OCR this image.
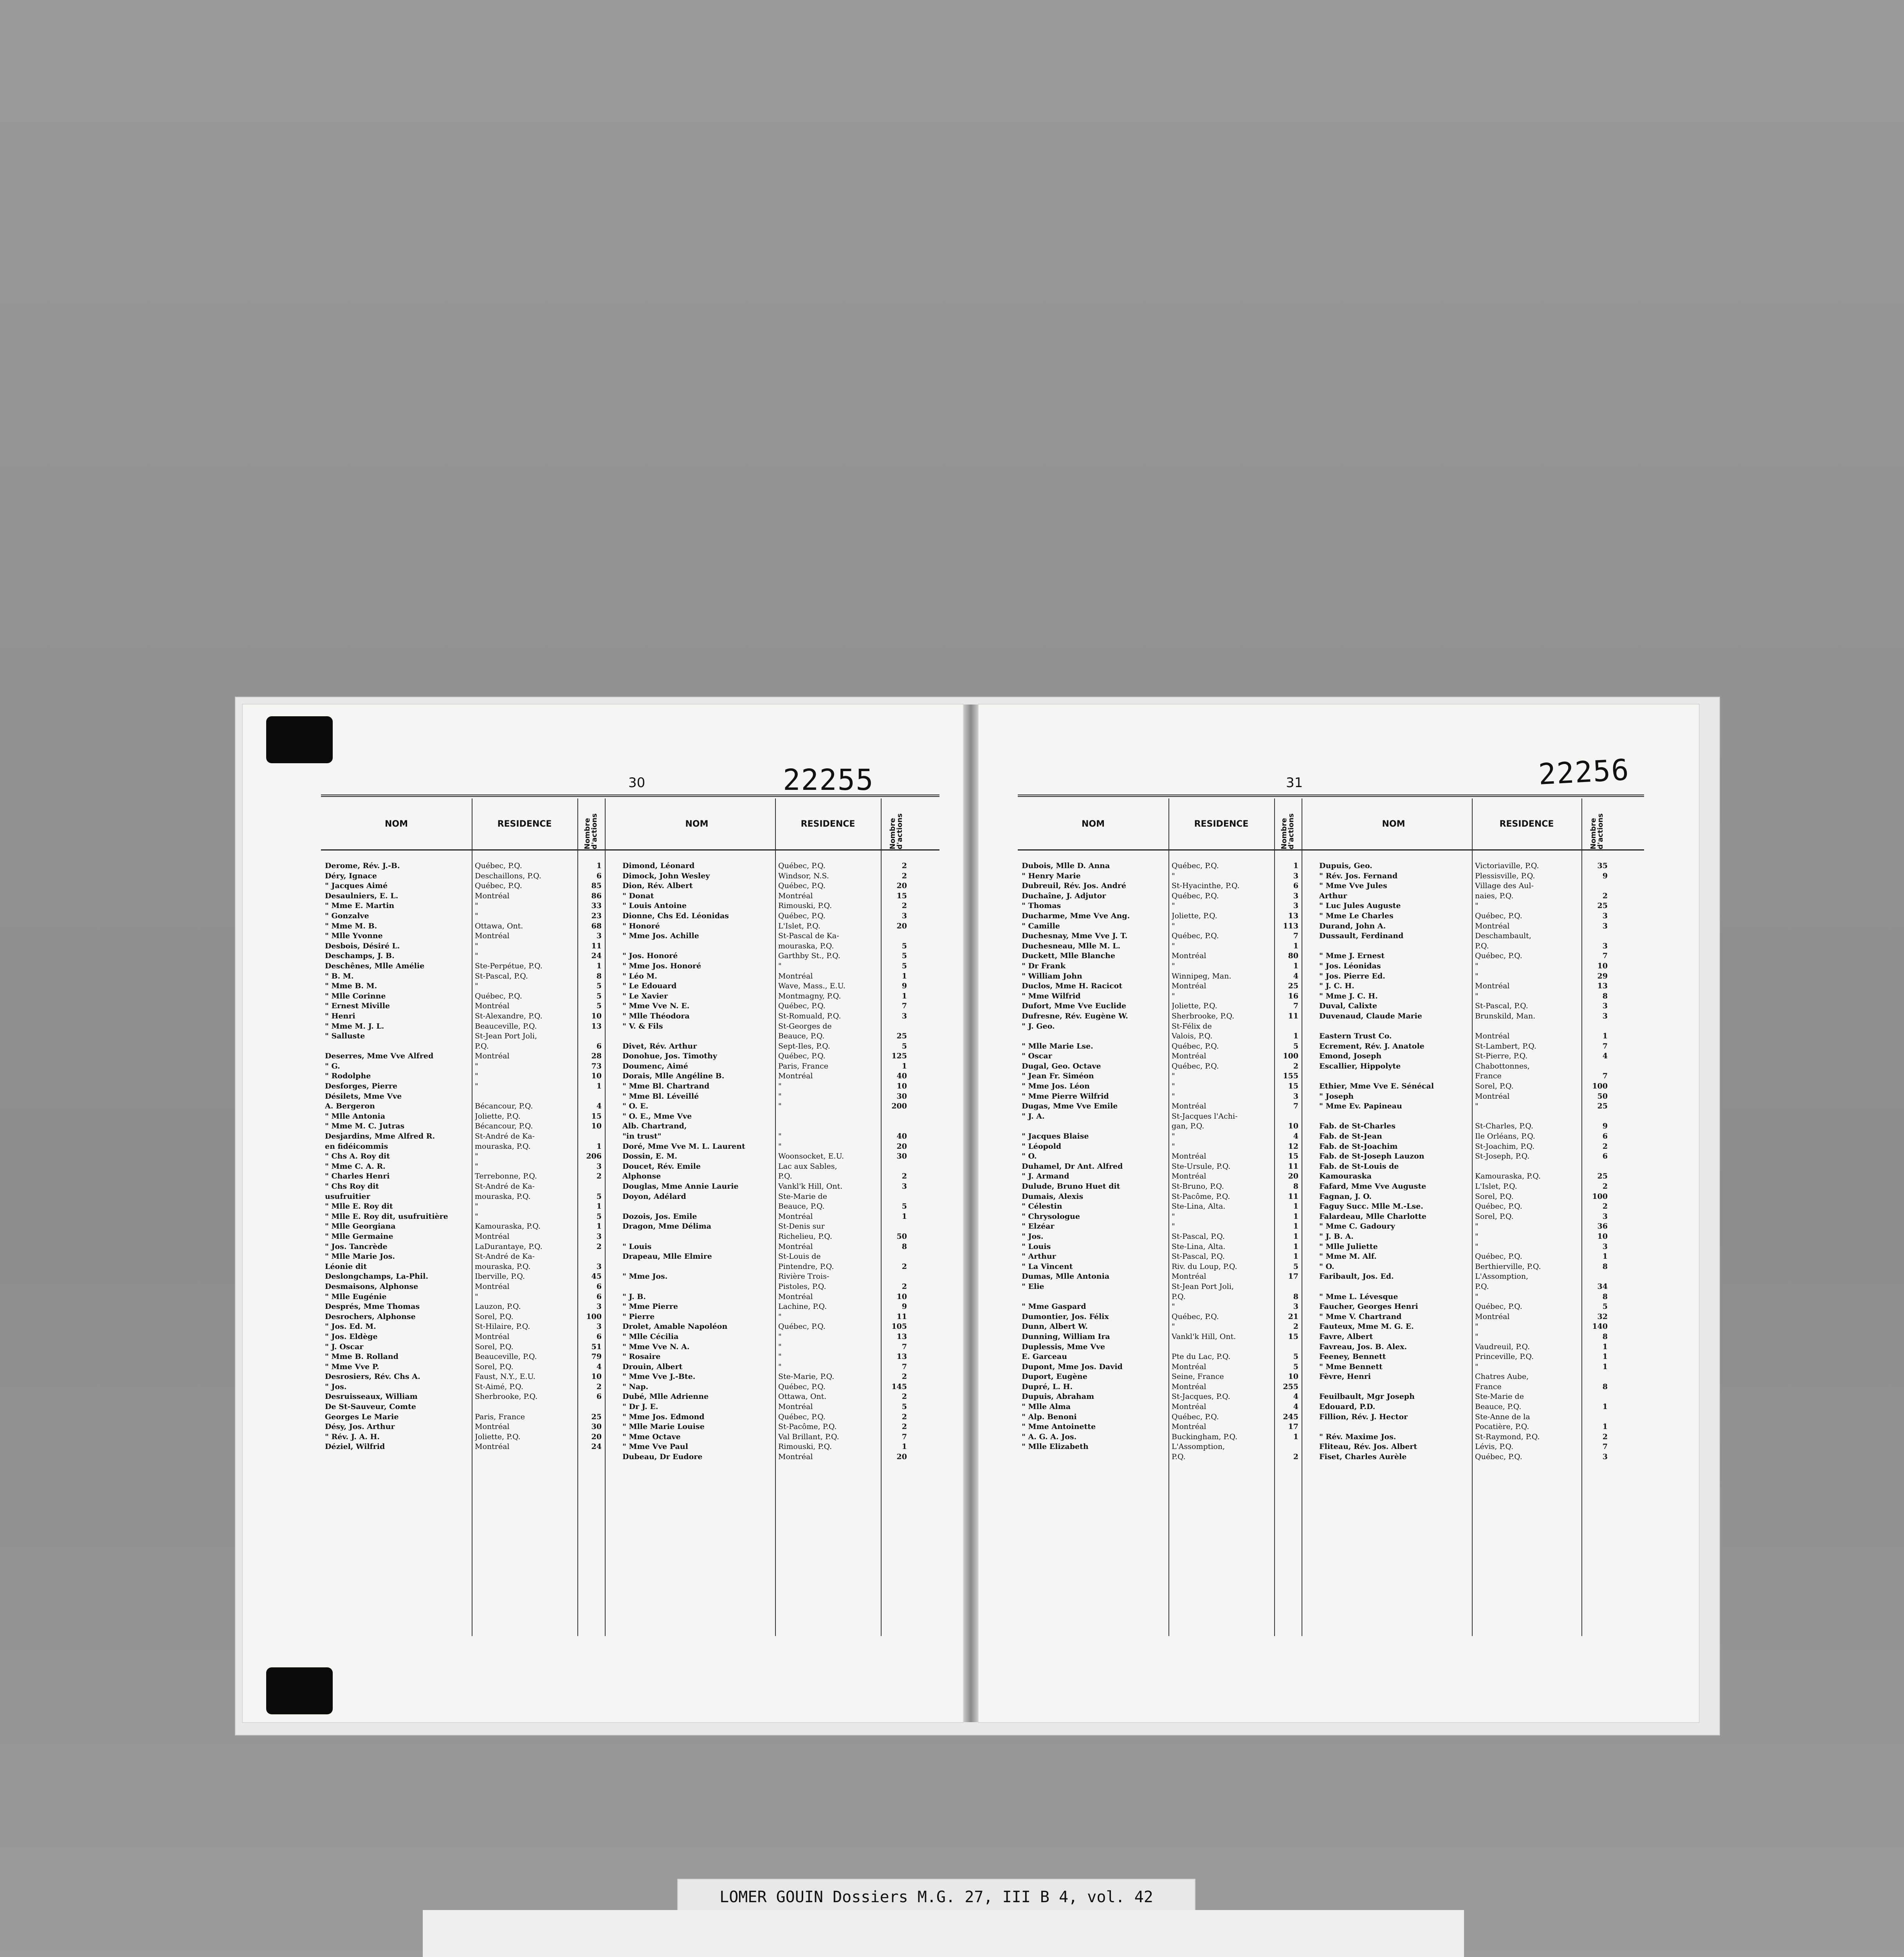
30	22255
NOM	RESIDENCE	Nombre d'actions
Derome, Rév. J.-B.	Québec, P.Q.	1
Déry, Ignace	Deschaillons, P.Q.	6
" Jacques Aimé	Québec, P.Q.	85
Desaulniers, E. L.	Montréal	86
" Mme E. Martin	"	33
" Gonzalve	"	23
" Mme M. B.	Ottawa, Ont.	68
" Mlle Yvonne	Montréal	3
Desbois, Désiré L.	"	11
Deschamps, J. B.	"	24
Deschênes, Mlle Amélie	Ste-Perpétue, P.Q.	1
" B. M.	St-Pascal, P.Q.	8
" Mme B. M.	"	5
" Mlle Corinne	Québec, P.Q.	5
" Ernest Miville	Montréal	5
" Henri	St-Alexandre, P.Q.	10
" Mme M. J. L.	Beauceville, P.Q.	13
" Salluste	St-Jean Port Joli,
P.Q.	6
Deserres, Mme Vve Alfred	Montréal	28
" G.	"	73
" Rodolphe	"	10
Desforges, Pierre	"	1
Désilets, Mme Vve
A. Bergeron	Bécancour, P.Q.	4
" Mlle Antonia	Joliette, P.Q.	15
" Mme M. C. Jutras	Bécancour, P.Q.	10
Desjardins, Mme Alfred R.	St-André de Ka-
en fidéicommis	mouraska, P.Q.	1
" Chs A. Roy dit	"	206
" Mme C. A. R.	"	3
" Charles Henri	Terrebonne, P.Q.	2
" Chs Roy dit	St-André de Ka-
usufruitier	mouraska, P.Q.	5
" Mlle E. Roy dit	"	1
" Mlle E. Roy dit, usufruitière	"	5
" Mlle Georgiana	Kamouraska, P.Q.	1
" Mlle Germaine	Montréal	3
" Jos. Tancrède	LaDurantaye, P.Q.	2
" Mlle Marie Jos.	St-André de Ka-
Léonie dit	mouraska, P.Q.	3
Deslongchamps, La-Phil.	Iberville, P.Q.	45
Desmaisons, Alphonse	Montréal	6
" Mlle Eugénie	"	6
Després, Mme Thomas	Lauzon, P.Q.	3
Desrochers, Alphonse	Sorel, P.Q.	100
" Jos. Ed. M.	St-Hilaire, P.Q.	3
" Jos. Eldège	Montréal	6
" J. Oscar	Sorel, P.Q.	51
" Mme B. Rolland	Beauceville, P.Q.	79
" Mme Vve P.	Sorel, P.Q.	4
Desrosiers, Rév. Chs A.	Faust, N.Y., E.U.	10
" Jos.	St-Aimé, P.Q.	2
Desruisseaux, William	Sherbrooke, P.Q.	6
De St-Sauveur, Comte
Georges Le Marie	Paris, France	25
Désy, Jos. Arthur	Montréal	30
" Rév. J. A. H.	Joliette, P.Q.	20
Déziel, Wilfrid	Montréal	24
NOM	RESIDENCE	Nombre d'actions
Dimond, Léonard	Québec, P.Q.	2
Dimock, John Wesley	Windsor, N.S.	2
Dion, Rév. Albert	Québec, P.Q.	20
" Donat	Montréal	15
" Louis Antoine	Rimouski, P.Q.	2
Dionne, Chs Ed. Léonidas	Québec, P.Q.	3
" Honoré	L'Islet, P.Q.	20
" Mme Jos. Achille	St-Pascal de Ka-
mouraska, P.Q.	5
" Jos. Honoré	Garthby St., P.Q.	5
" Mme Jos. Honoré	"	5
" Léo M.	Montréal	1
" Le Edouard	Wave, Mass., E.U.	9
" Le Xavier	Montmagny, P.Q.	1
" Mme Vve N. E.	Québec, P.Q.	7
" Mlle Théodora	St-Romuald, P.Q.	3
" V. & Fils	St-Georges de
Beauce, P.Q.	25
Divet, Rév. Arthur	Sept-Iles, P.Q.	5
Donohue, Jos. Timothy	Québec, P.Q.	125
Doumenc, Aimé	Paris, France	1
Dorais, Mlle Angéline B.	Montréal	40
" Mme Bl. Chartrand	"	10
" Mme Bl. Léveillé	"	30
" O. E.	"	200
" O. E., Mme Vve
Alb. Chartrand,
"in trust"	"	40
Doré, Mme Vve M. L. Laurent	"	20
Dossin, E. M.	Woonsocket, E.U.	30
Doucet, Rév. Emile	Lac aux Sables,
Alphonse	P.Q.	2
Douglas, Mme Annie Laurie	Vankl'k Hill, Ont.	3
Doyon, Adélard	Ste-Marie de
Beauce, P.Q.	5
Dozois, Jos. Emile	Montréal	1
Dragon, Mme Délima	St-Denis sur
Richelieu, P.Q.	50
" Louis	Montréal	8
Drapeau, Mlle Elmire	St-Louis de
Pintendre, P.Q.	2
" Mme Jos.	Rivière Trois-
Pistoles, P.Q.	2
" J. B.	Montréal	10
" Mme Pierre	Lachine, P.Q.	9
" Pierre	"	11
Drolet, Amable Napoléon	Québec, P.Q.	105
" Mlle Cécilia	"	13
" Mme Vve N. A.	"	7
" Rosaire	"	13
Drouin, Albert	"	7
" Mme Vve J.-Bte.	Ste-Marie, P.Q.	2
" Nap.	Québec, P.Q.	145
Dubé, Mlle Adrienne	Ottawa, Ont.	2
" Dr J. E.	Montréal	5
" Mme Jos. Edmond	Québec, P.Q.	2
" Mlle Marie Louise	St-Pacôme, P.Q.	2
" Mme Octave	Val Brillant, P.Q.	7
" Mme Vve Paul	Rimouski, P.Q.	1
Dubeau, Dr Eudore	Montréal	20
31	22256
NOM	RESIDENCE	Nombre d'actions
Dubois, Mlle D. Anna	Québec, P.Q.	1
" Henry Marie	"	3
Dubreuil, Rév. Jos. André	St-Hyacinthe, P.Q.	6
Duchaîne, J. Adjutor	Québec, P.Q.	3
" Thomas	"	3
Ducharme, Mme Vve Ang.	Joliette, P.Q.	13
" Camille	"	113
Duchesnay, Mme Vve J. T.	Québec, P.Q.	7
Duchesneau, Mlle M. L.	"	1
Duckett, Mlle Blanche	Montréal	80
" Dr Frank	"	1
" William John	Winnipeg, Man.	4
Duclos, Mme H. Racicot	Montréal	25
" Mme Wilfrid	"	16
Dufort, Mme Vve Euclide	Joliette, P.Q.	7
Dufresne, Rév. Eugène W.	Sherbrooke, P.Q.	11
" J. Geo.	St-Félix de
Valois, P.Q.	1
" Mlle Marie Lse.	Québec, P.Q.	5
" Oscar	Montréal	100
Dugal, Geo. Octave	Québec, P.Q.	2
" Jean Fr. Siméon	"	155
" Mme Jos. Léon	"	15
" Mme Pierre Wilfrid	"	3
Dugas, Mme Vve Emile	Montréal	7
" J. A.	St-Jacques l'Achi-
gan, P.Q.	10
" Jacques Blaise	"	4
" Léopold	"	12
" O.	Montréal	15
Duhamel, Dr Ant. Alfred	Ste-Ursule, P.Q.	11
" J. Armand	Montréal	20
Dulude, Bruno Huet dit	St-Bruno, P.Q.	8
Dumais, Alexis	St-Pacôme, P.Q.	11
" Célestin	Ste-Lina, Alta.	1
" Chrysologue	"	1
" Elzéar	"	1
" Jos.	St-Pascal, P.Q.	1
" Louis	Ste-Lina, Alta.	1
" Arthur	St-Pascal, P.Q.	1
" La Vincent	Riv. du Loup, P.Q.	5
Dumas, Mlle Antonia	Montréal	17
" Elie	St-Jean Port Joli,
P.Q.	8
" Mme Gaspard	"	3
Dumontier, Jos. Félix	Québec, P.Q.	21
Dunn, Albert W.	"	2
Dunning, William Ira	Vankl'k Hill, Ont.	15
Duplessis, Mme Vve
E. Garceau	Pte du Lac, P.Q.	5
Dupont, Mme Jos. David	Montréal	5
Duport, Eugène	Seine, France	10
Dupré, L. H.	Montréal	255
Dupuis, Abraham	St-Jacques, P.Q.	4
" Mlle Alma	Montréal	4
" Alp. Benoni	Québec, P.Q.	245
" Mme Antoinette	Montréal	17
" A. G. A. Jos.	Buckingham, P.Q.	1
" Mlle Elizabeth	L'Assomption,
P.Q.	2
NOM	RESIDENCE	Nombre d'actions
Dupuis, Geo.	Victoriaville, P.Q.	35
" Rév. Jos. Fernand	Plessisville, P.Q.	9
" Mme Vve Jules	Village des Aul-
Arthur	naies, P.Q.	2
" Luc Jules Auguste	"	25
" Mme Le Charles	Québec, P.Q.	3
Durand, John A.	Montréal	3
Dussault, Ferdinand	Deschambault,
P.Q.	3
" Mme J. Ernest	Québec, P.Q.	7
" Jos. Léonidas	"	10
" Jos. Pierre Ed.	"	29
" J. C. H.	Montréal	13
" Mme J. C. H.	"	8
Duval, Calixte	St-Pascal, P.Q.	3
Duvenaud, Claude Marie	Brunskild, Man.	3
Eastern Trust Co.	Montréal	1
Ecrement, Rév. J. Anatole	St-Lambert, P.Q.	7
Emond, Joseph	St-Pierre, P.Q.	4
Escallier, Hippolyte	Chabottonnes,
France	7
Ethier, Mme Vve E. Sénécal	Sorel, P.Q.	100
" Joseph	Montréal	50
" Mme Ev. Papineau	"	25
Fab. de St-Charles	St-Charles, P.Q.	9
Fab. de St-Jean	Ile Orléans, P.Q.	6
Fab. de St-Joachim	St-Joachim, P.Q.	2
Fab. de St-Joseph Lauzon	St-Joseph, P.Q.	6
Fab. de St-Louis de
Kamouraska	Kamouraska, P.Q.	25
Fafard, Mme Vve Auguste	L'Islet, P.Q.	2
Fagnan, J. O.	Sorel, P.Q.	100
Faguy Succ. Mlle M.-Lse.	Québec, P.Q.	2
Falardeau, Mlle Charlotte	Sorel, P.Q.	3
" Mme C. Gadoury	"	36
" J. B. A.	"	10
" Mlle Juliette	"	3
" Mme M. Alf.	Québec, P.Q.	1
" O.	Berthierville, P.Q.	8
Faribault, Jos. Ed.	L'Assomption,
P.Q.	34
" Mme L. Lévesque	"	8
Faucher, Georges Henri	Québec, P.Q.	5
" Mme V. Chartrand	Montréal	32
Fauteux, Mme M. G. E.	"	140
Favre, Albert	"	8
Favreau, Jos. B. Alex.	Vaudreuil, P.Q.	1
Feeney, Bennett	Princeville, P.Q.	1
" Mme Bennett	"	1
Fèvre, Henri	Chatres Aube,
France	8
Feuilbault, Mgr Joseph	Ste-Marie de
Edouard, P.D.	Beauce, P.Q.	1
Fillion, Rév. J. Hector	Ste-Anne de la
Pocatière, P.Q.	1
" Rév. Maxime Jos.	St-Raymond, P.Q.	2
Fliteau, Rév. Jos. Albert	Lévis, P.Q.	7
Fiset, Charles Aurèle	Québec, P.Q.	3
LOMER GOUIN Dossiers M.G. 27, III B 4, vol. 42
